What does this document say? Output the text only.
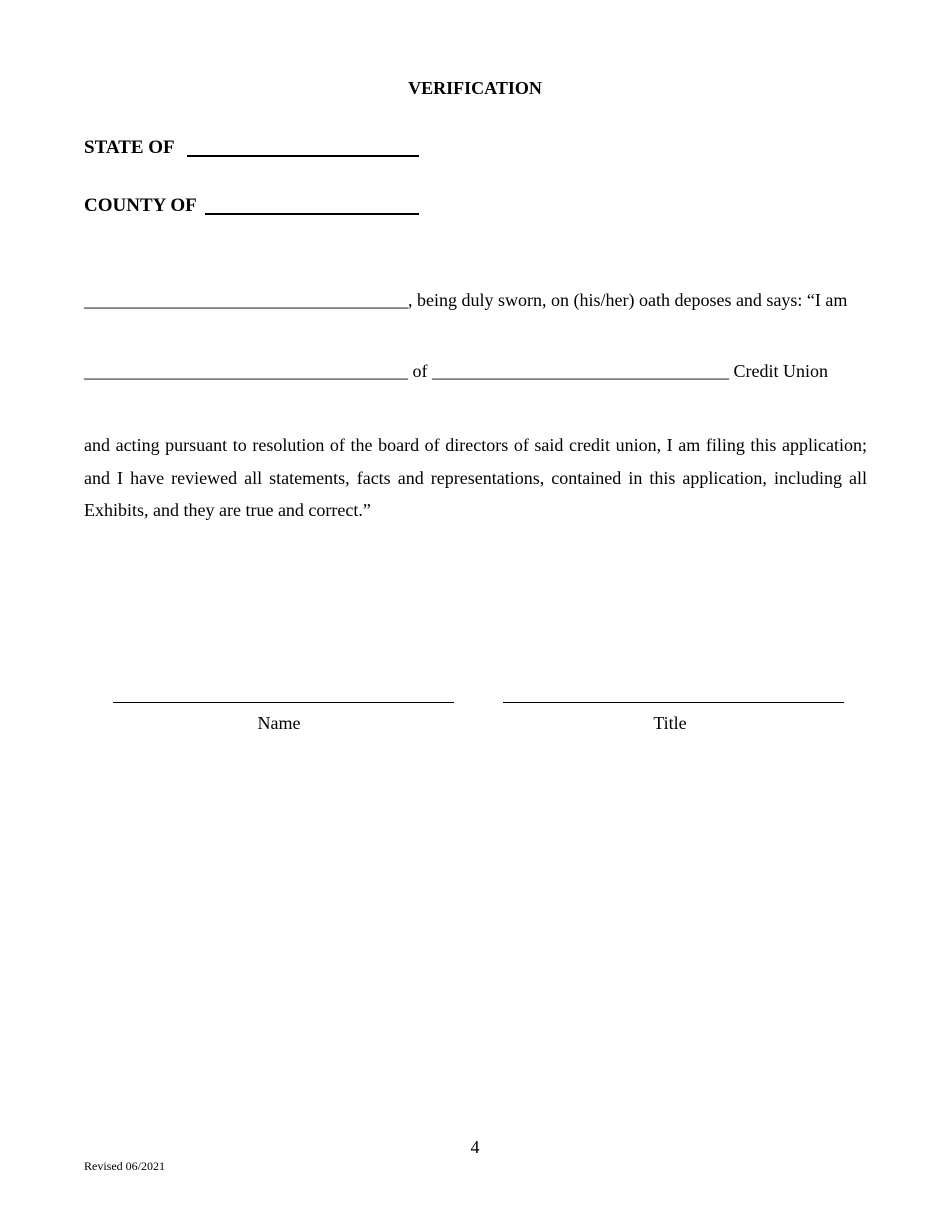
VERIFICATION
STATE OF
COUNTY OF
____________________________________, being duly sworn, on (his/her) oath deposes and says: “I am
____________________________________ of _________________________________ Credit Union
and acting pursuant to resolution of the board of directors of said credit union, I am filing this application; and I have reviewed all statements, facts and representations, contained in this application, including all Exhibits, and they are true and correct.”
Name	Title
4
Revised 06/2021
